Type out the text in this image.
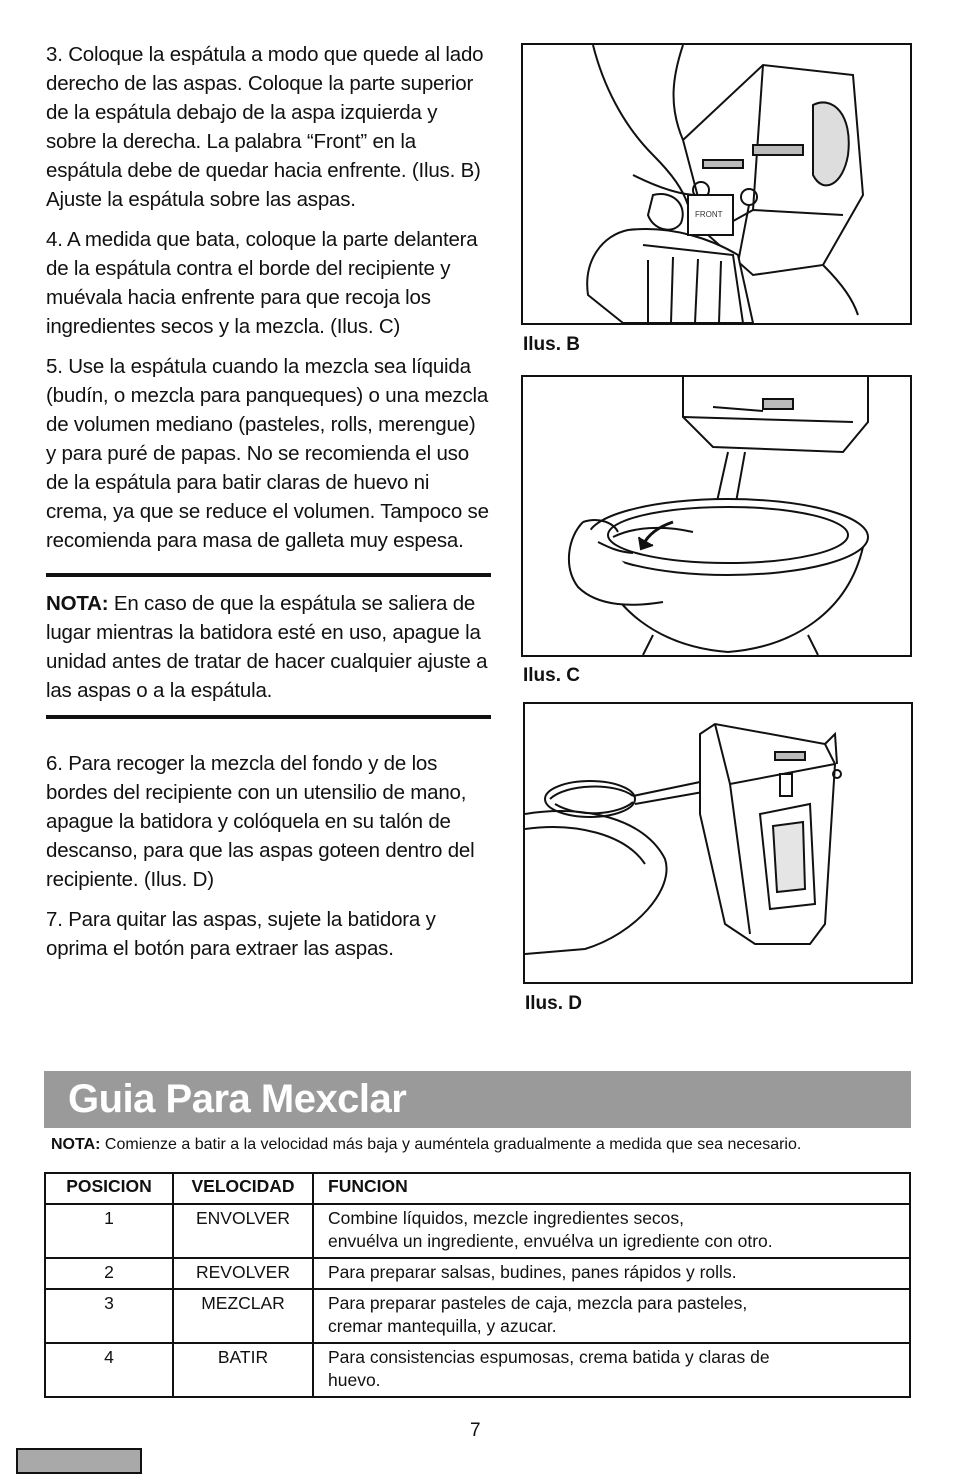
3. Coloque la espátula a modo que quede al lado derecho de las aspas. Coloque la parte superior de la espátula debajo de la aspa izquierda y sobre la derecha. La palabra “Front” en la espátula debe de quedar hacia enfrente. (Ilus. B) Ajuste la espátula sobre las aspas.

4. A medida que bata, coloque la parte delantera de la espátula contra el borde del recipiente y muévala hacia enfrente para que recoja los ingredientes secos y la mezcla. (Ilus. C)

5. Use la espátula cuando la mezcla sea líquida (budín, o mezcla para panqueques) o una mezcla de volumen mediano (pasteles, rolls, merengue) y para puré de papas. No se recomienda el uso de la espátula para batir claras de huevo ni crema, ya que se reduce el volumen. Tampoco se recomienda para masa de galleta muy espesa.

NOTA: En caso de que la espátula se saliera de lugar mientras la batidora esté en uso, apague la unidad antes de tratar de hacer cualquier ajuste a las aspas o a la espátula.

6. Para recoger la mezcla del fondo y de los bordes del recipiente con un utensilio de mano, apague la batidora y colóquela en su talón de descanso, para que las aspas goteen dentro del recipiente. (Ilus. D)

7. Para quitar las aspas, sujete la batidora y oprima el botón para extraer las aspas.

FRONT
Ilus. B
Ilus. C
Ilus. D
Guia Para Mexclar
NOTA: Comienze a batir a la velocidad más baja y auméntela gradualmente a medida que sea necesario.
POSICION	VELOCIDAD	FUNCION
1	ENVOLVER	Combine líquidos, mezcle ingredientes secos,
envuélva un ingrediente, envuélva un igrediente con otro.

2	REVOLVER	Para preparar salsas, budines, panes rápidos y rolls.

3	MEZCLAR	Para preparar pasteles de caja, mezcla para pasteles,
cremar mantequilla, y azucar.

4	BATIR	Para consistencias espumosas, crema batida y claras de
huevo.
7
